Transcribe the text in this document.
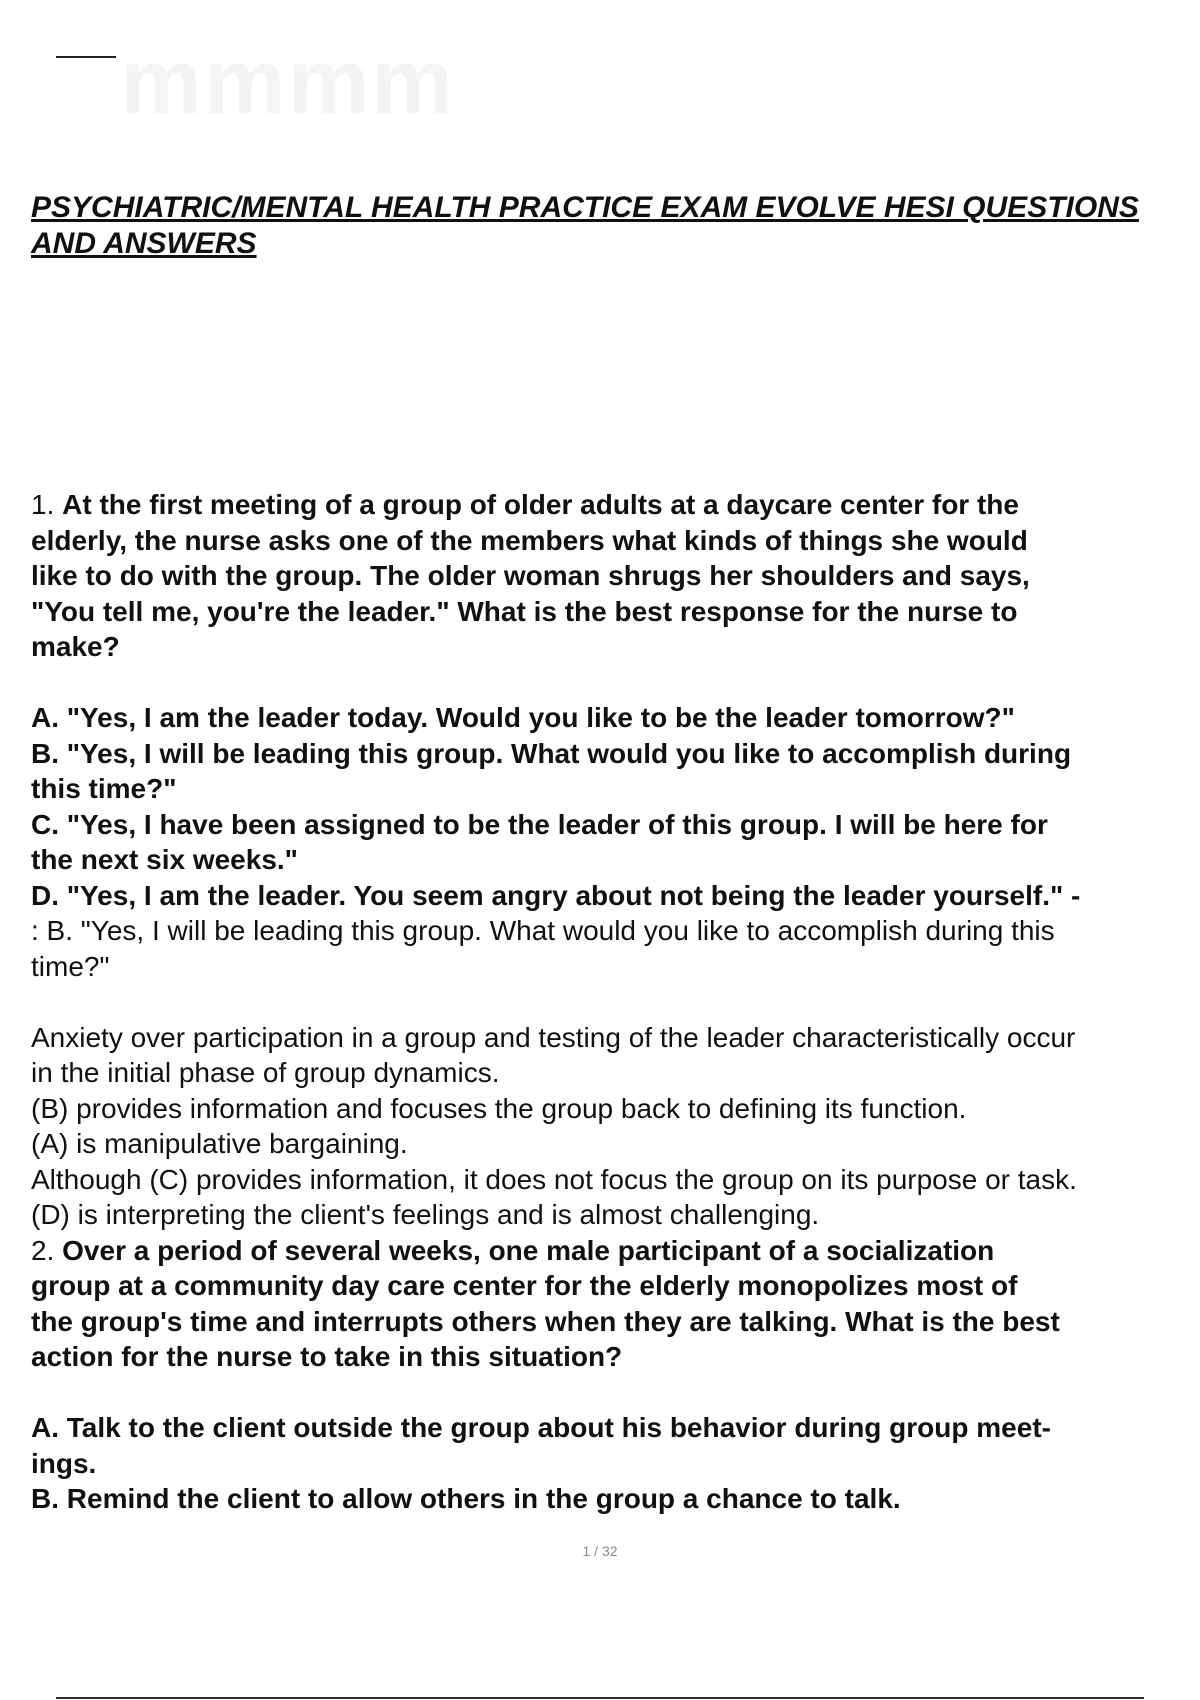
mmmm
PSYCHIATRIC/MENTAL HEALTH PRACTICE EXAM EVOLVE HESI QUESTIONS
AND ANSWERS
1. At the first meeting of a group of older adults at a daycare center for the
elderly, the nurse asks one of the members what kinds of things she would
like to do with the group. The older woman shrugs her shoulders and says,
"You tell me, you're the leader." What is the best response for the nurse to
make?
A. "Yes, I am the leader today. Would you like to be the leader tomorrow?"
B. "Yes, I will be leading this group. What would you like to accomplish during
this time?"
C. "Yes, I have been assigned to be the leader of this group. I will be here for
the next six weeks."
D. "Yes, I am the leader. You seem angry about not being the leader yourself." -
: B. "Yes, I will be leading this group. What would you like to accomplish during this
time?"
Anxiety over participation in a group and testing of the leader characteristically occur
in the initial phase of group dynamics.
(B) provides information and focuses the group back to defining its function.
(A) is manipulative bargaining.
Although (C) provides information, it does not focus the group on its purpose or task.
(D) is interpreting the client's feelings and is almost challenging.
2. Over a period of several weeks, one male participant of a socialization
group at a community day care center for the elderly monopolizes most of
the group's time and interrupts others when they are talking. What is the best
action for the nurse to take in this situation?
A. Talk to the client outside the group about his behavior during group meet-
ings.
B. Remind the client to allow others in the group a chance to talk.
1 / 32
